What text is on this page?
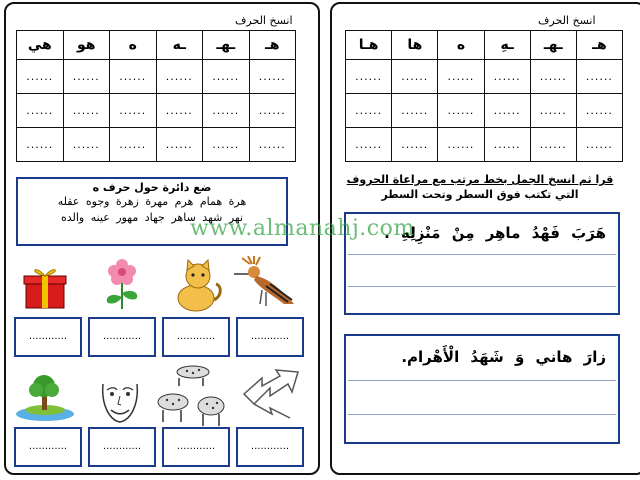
انسخ الحرف
هـ	ـهـ	ـه	ه	هو	هي
......	......	......	......	......	......
......	......	......	......	......	......
......	......	......	......	......	......
ضع دائرة حول حرف ه
هرة همام هرم مهرة زهرة وجوه عقله
نهر شهد ساهر جهاد مهور عينه والده
............	............	............	............
............	............	............	............
انسخ الحرف
هـ	ـهـ	ـهِ	ه	ها	هـا
......	......	......	......	......	......
......	......	......	......	......	......
......	......	......	......	......	......
قرا ثم انسخ الجمل بخط مرتب مع مراعاة الحروف
التي تكتب فوق السطر وتحت السطر
هَرَبَ فَهْدُ ماهِر مِنْ مَنْزِلِهِ .
زارَ هاني وَ شَهَدُ الْأَهْرام.
www.almanahj.com
